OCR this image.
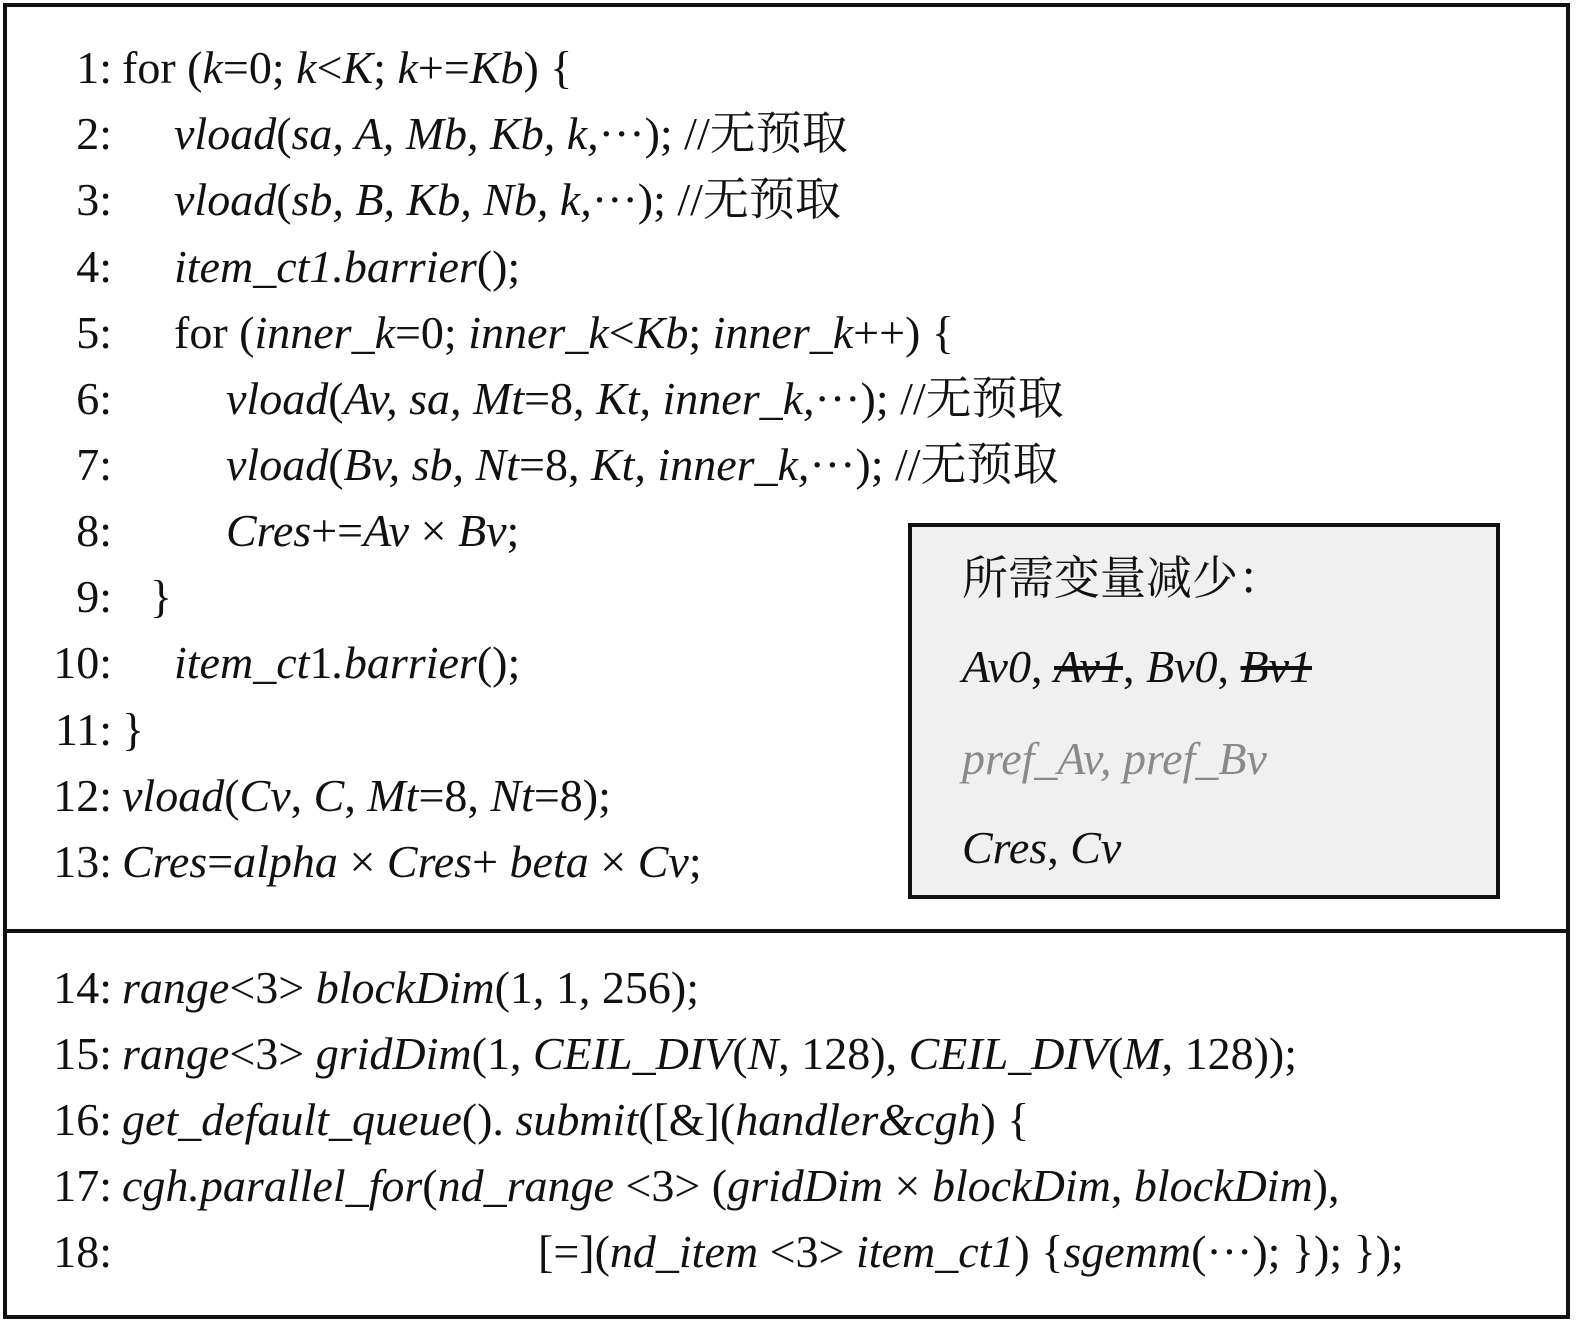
1: for (k=0; k<K; k+=Kb) {
2: vload(sa, A, Mb, Kb, k,···); //无预取
3: vload(sb, B, Kb, Nb, k,···); //无预取
4: item_ct1.barrier();
5: for (inner_k=0; inner_k<Kb; inner_k++) {
6: vload(Av, sa, Mt=8, Kt, inner_k,···); //无预取
7: vload(Bv, sb, Nt=8, Kt, inner_k,···); //无预取
8: Cres+=Av × Bv;
9: }
10: item_ct1.barrier();
11: }
12: vload(Cv, C, Mt=8, Nt=8);
13: Cres=alpha × Cres+ beta × Cv;
14: range<3> blockDim(1, 1, 256);
15: range<3> gridDim(1, CEIL_DIV(N, 128), CEIL_DIV(M, 128));
16: get_default_queue(). submit([&](handler&cgh) {
17: cgh.parallel_for(nd_range <3> (gridDim × blockDim, blockDim),
18:	[=](nd_item <3> item_ct1) {sgemm(···); }); });
所需变量减少：
Av0, Av1, Bv0, Bv1
pref_Av, pref_Bv
Cres, Cv
